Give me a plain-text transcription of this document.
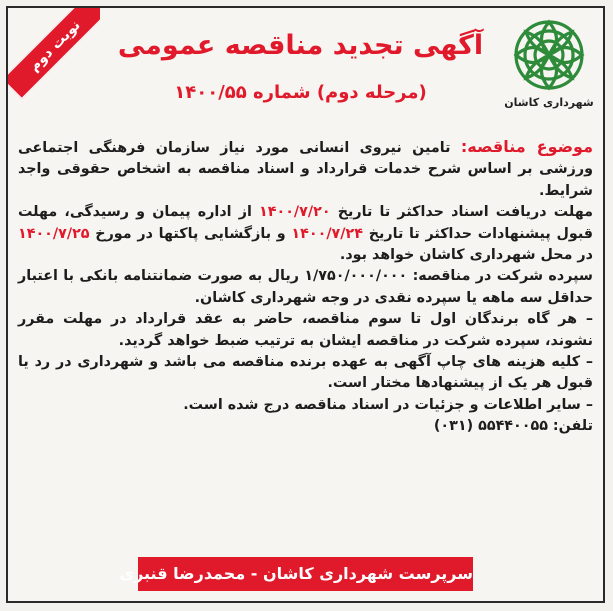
نوبت دوم	آگهی تجدید مناقصه عمومی
(مرحله دوم) شماره ۱۴۰۰/۵۵	شهرداری کاشان

موضوع مناقصه: تامین نیروی انسانی مورد نیاز سازمان فرهنگی اجتماعی ورزشی بر اساس شرح خدمات قرارداد و اسناد مناقصه به اشخاص حقوقی واجد شرایط.

مهلت دریافت اسناد حداکثر تا تاریخ ۱۴۰۰/۷/۲۰ از اداره پیمان و رسیدگی، مهلت قبول پیشنهادات حداکثر تا تاریخ ۱۴۰۰/۷/۲۴ و بازگشایی پاکتها در مورخ ۱۴۰۰/۷/۲۵ در محل شهرداری کاشان خواهد بود.

سپرده شرکت در مناقصه: ۱/۷۵۰/۰۰۰/۰۰۰ ریال به صورت ضمانتنامه بانکی با اعتبار حداقل سه ماهه یا سپرده نقدی در وجه شهرداری کاشان.

– هر گاه برندگان اول تا سوم مناقصه، حاضر به عقد قرارداد در مهلت مقرر نشوند، سپرده شرکت در مناقصه ایشان به ترتیب ضبط خواهد گردید.

– کلیه هزینه های چاپ آگهی به عهده برنده مناقصه می باشد و شهرداری در رد یا قبول هر یک از پیشنهادها مختار است.

– سایر اطلاعات و جزئیات در اسناد مناقصه درج شده است.

تلفن: ۵۵۴۴۰۰۵۵ (۰۳۱)

سرپرست شهرداری کاشان - محمدرضا قنبری
